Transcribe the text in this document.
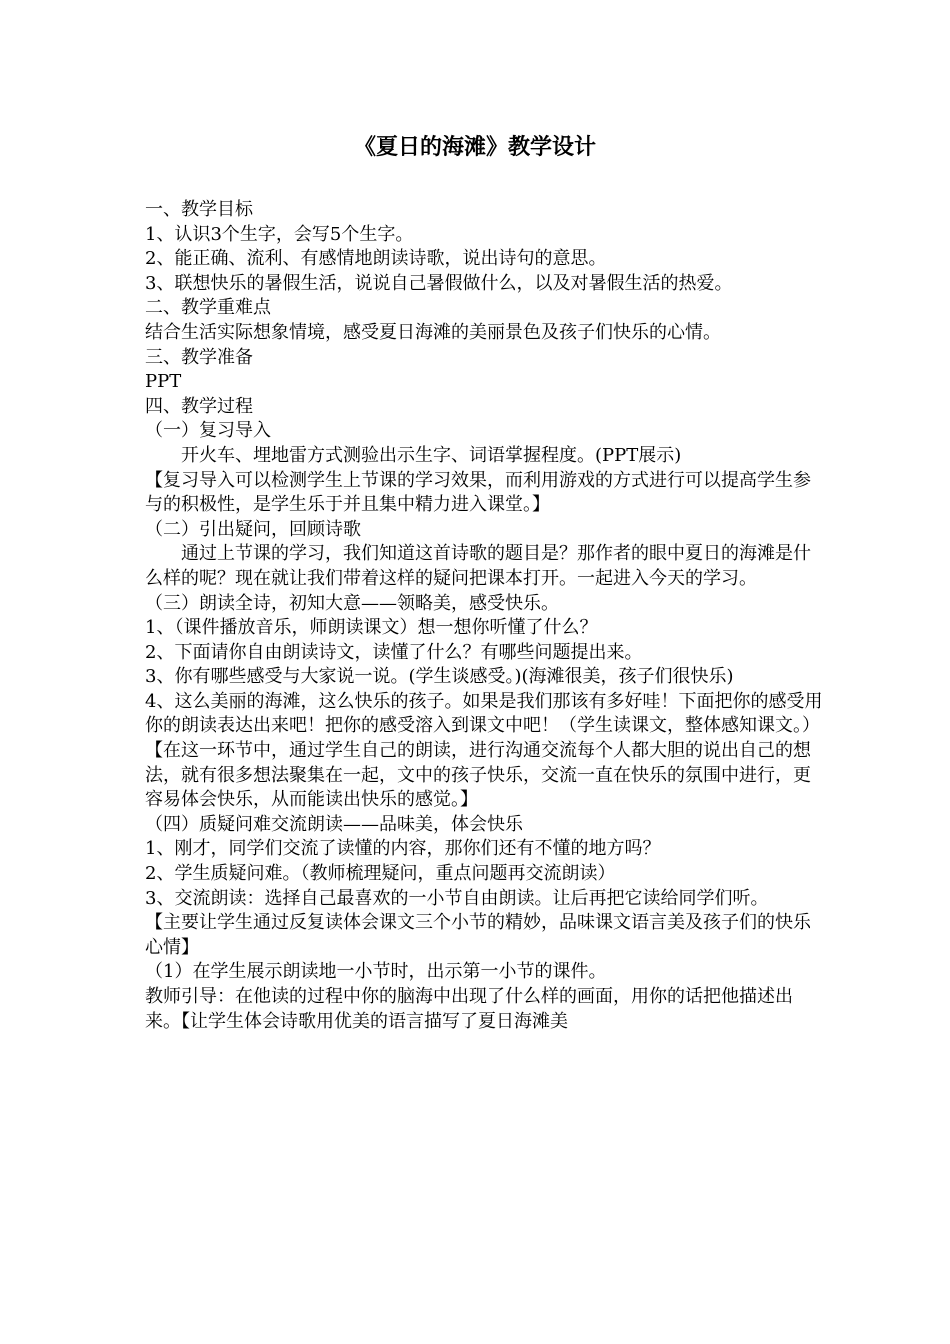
《夏日的海滩》教学设计

一、教学目标

1、认识3个生字，会写5个生字。

2、能正确、流利、有感情地朗读诗歌，说出诗句的意思。

3、联想快乐的暑假生活，说说自己暑假做什么，以及对暑假生活的热爱。

二、教学重难点

结合生活实际想象情境，感受夏日海滩的美丽景色及孩子们快乐的心情。

三、教学准备

PPT

四、教学过程

（一）复习导入

开火车、埋地雷方式测验出示生字、词语掌握程度。(PPT展示)

【复习导入可以检测学生上节课的学习效果，而利用游戏的方式进行可以提高学生参与的积极性，是学生乐于并且集中精力进入课堂。】

（二）引出疑问，回顾诗歌

通过上节课的学习，我们知道这首诗歌的题目是？那作者的眼中夏日的海滩是什么样的呢？现在就让我们带着这样的疑问把课本打开。一起进入今天的学习。

（三）朗读全诗，初知大意——领略美，感受快乐。

1、（课件播放音乐，师朗读课文）想一想你听懂了什么？

2、下面请你自由朗读诗文，读懂了什么？有哪些问题提出来。

3、你有哪些感受与大家说一说。(学生谈感受。)(海滩很美，孩子们很快乐)

4、这么美丽的海滩，这么快乐的孩子。如果是我们那该有多好哇！下面把你的感受用你的朗读表达出来吧！把你的感受溶入到课文中吧！（学生读课文，整体感知课文。）

【在这一环节中，通过学生自己的朗读，进行沟通交流每个人都大胆的说出自己的想法，就有很多想法聚集在一起，文中的孩子快乐，交流一直在快乐的氛围中进行，更容易体会快乐，从而能读出快乐的感觉。】

（四）质疑问难交流朗读——品味美，体会快乐

1、刚才，同学们交流了读懂的内容，那你们还有不懂的地方吗？

2、学生质疑问难。（教师梳理疑问，重点问题再交流朗读）

3、交流朗读：选择自己最喜欢的一小节自由朗读。让后再把它读给同学们听。

【主要让学生通过反复读体会课文三个小节的精妙，品味课文语言美及孩子们的快乐心情】

（1）在学生展示朗读地一小节时，出示第一小节的课件。

教师引导：在他读的过程中你的脑海中出现了什么样的画面，用你的话把他描述出来。【让学生体会诗歌用优美的语言描写了夏日海滩美
